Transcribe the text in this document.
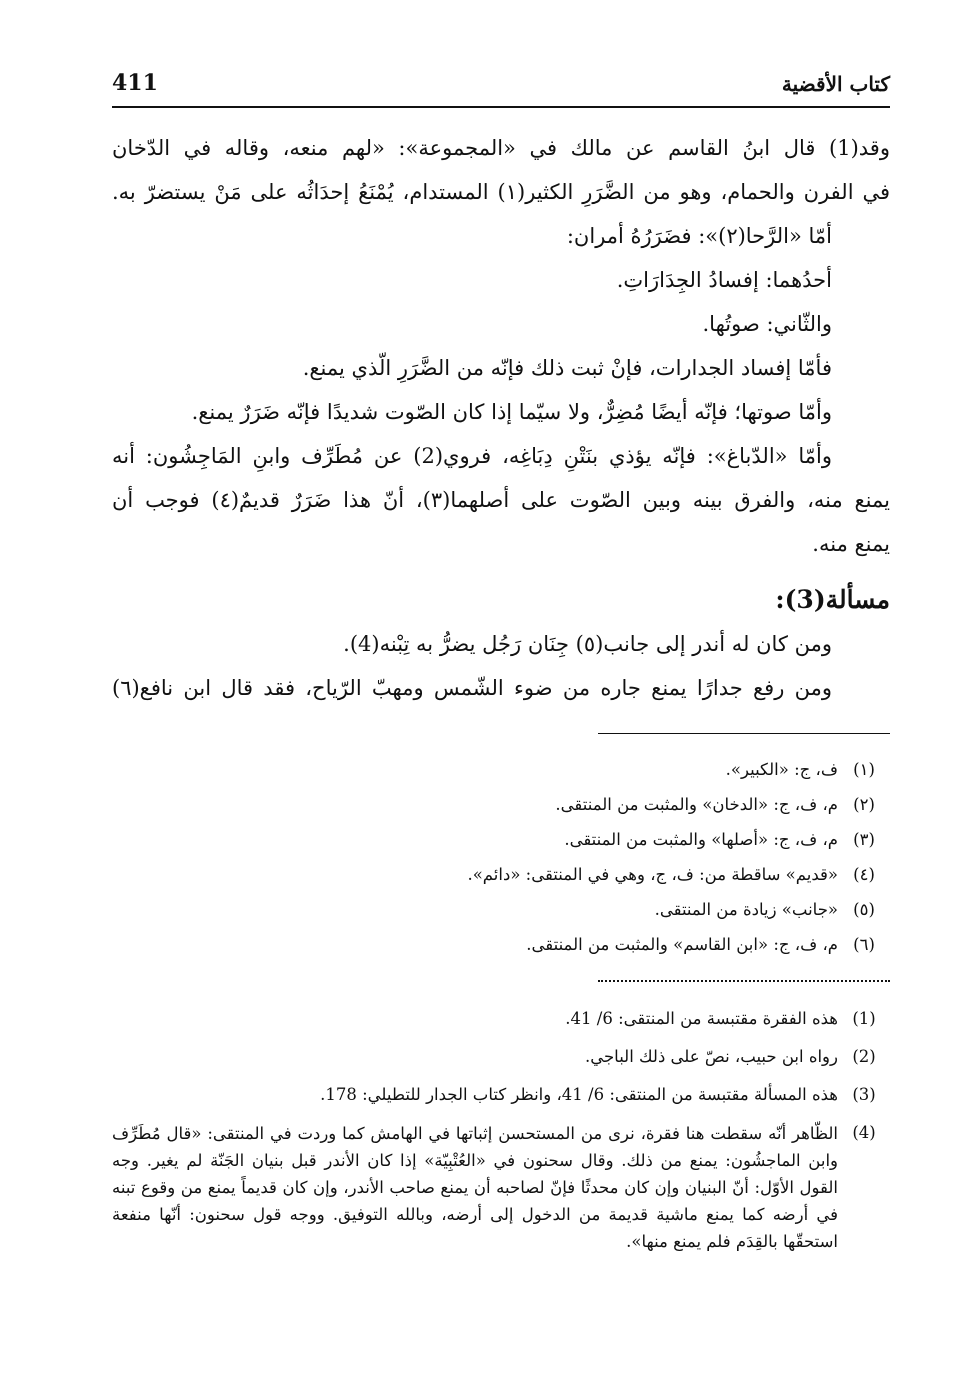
411	كتاب الأقضية
وقد(1) قال ابنُ القاسم عن مالك في «المجموعة»: «لهم منعه، وقاله في الدّخان
في الفرن والحمام، وهو من الضَّرَرِ الكثير(١) المستدام، يُمْنَعُ إحدَاثُه على مَنْ يستضرّ به.
أمّا «الرَّحا(٢)»: فضَرَرُهُ أمران:
أحدُهما: إفسادُ الجِدَارَاتِ.
والثّاني: صوتُها.
فأمّا إفساد الجدارات، فإنْ ثبت ذلك فإنّه من الضَّرَرِ الّذي يمنع.
وأمّا صوتها؛ فإنّه أيضًا مُضِرٌّ، ولا سيّما إذا كان الصّوت شديدًا فإنّه ضَرَرٌ يمنع.
وأمّا «الدّباغ»: فإنّه يؤذي بنَتْنِ دِبَاغِه، فروي(2) عن مُطَرِّف وابنِ المَاجِشُون: أنه
يمنع منه، والفرق بينه وبين الصّوت على أصلهما(٣)، أنّ هذا ضَرَرٌ قديمٌ(٤) فوجب أن
يمنع منه.
مسألة(3):
ومن كان له أندر إلى جانب(٥) جِنَان رَجُل يضرُّ به تِبْنه(4).
ومن رفع جدارًا يمنع جاره من ضوء الشّمس ومهبّ الرّياح، فقد قال ابن نافع(٦)
(١)
ف، ج: «الكبير».
(٢)
م، ف، ج: «الدخان» والمثبت من المنتقى.
(٣)
م، ف، ج: «أصلها» والمثبت من المنتقى.
(٤)
«قديم» ساقطة من: ف، ج، وهي في المنتقى: «دائم».
(٥)
«جانب» زيادة من المنتقى.
(٦)
م، ف، ج: «ابن القاسم» والمثبت من المنتقى.
(1)
هذه الفقرة مقتبسة من المنتقى: 6/ 41.
(2)
رواه ابن حبيب، نصّ على ذلك الباجي.
(3)
هذه المسألة مقتبسة من المنتقى: 6/ 41، وانظر كتاب الجدار للتطيلي: 178.
(4)
الظّاهر أنّه سقطت هنا فقرة، نرى من المستحسن إثباتها في الهامش كما وردت في المنتقى: «قال مُطَرِّف وابن الماجشُون: يمنع من ذلك. وقال سحنون في «العُتْبِيّة» إذا كان الأندر قبل بنيان الجَنّة لم يغير. وجه القول الأوّل: أنّ البنيان وإن كان محدثًا فإنّ لصاحبه أن يمنع صاحب الأندر، وإن كان قديماً يمنع من وقوع تبنه في أرضه كما يمنع ماشية قديمة من الدخول إلى أرضه، وبالله التوفيق. ووجه قول سحنون: أنّها منفعة استحقّها بالقِدَم فلم يمنع منها».
